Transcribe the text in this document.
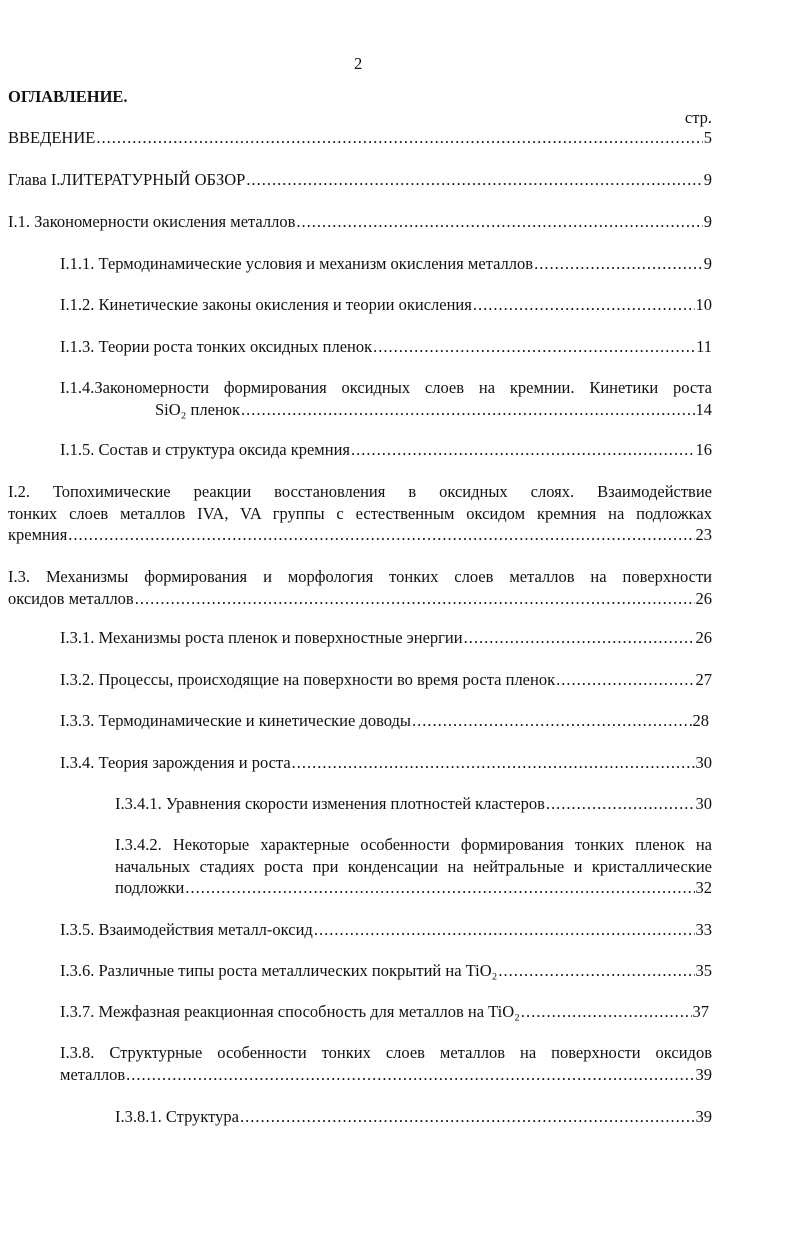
2
ОГЛАВЛЕНИЕ.
стр.
ВВЕДЕНИЕ .....	5
Глава I.ЛИТЕРАТУРНЫЙ ОБЗОР .....	9
I.1. Закономерности окисления металлов .....	9
I.1.1. Термодинамические условия и механизм окисления металлов .....	9
I.1.2. Кинетические законы окисления и теории окисления .....	10
I.1.3. Теории роста тонких оксидных пленок .....	11
I.1.4.Закономерности формирования оксидных слоев на кремнии. Кинетики роста
SiO₂ пленок .....	14
I.1.5. Состав и структура оксида кремния .....	16
I.2. Топохимические реакции восстановления в оксидных слоях. Взаимодействие
тонких слоев металлов IVA, VA группы с естественным оксидом кремния на подложках
кремния .....	23
I.3. Механизмы формирования и морфология тонких слоев металлов на поверхности
оксидов металлов .....	26
I.3.1. Механизмы роста пленок и поверхностные энергии .....	26
I.3.2. Процессы, происходящие на поверхности во время роста пленок .....	27
I.3.3. Термодинамические и кинетические доводы .....	28
I.3.4. Теория зарождения и роста .....	30
I.3.4.1. Уравнения скорости изменения плотностей кластеров .....	30
I.3.4.2. Некоторые характерные особенности формирования тонких пленок на
начальных стадиях роста при конденсации на нейтральные и кристаллические
подложки .....	32
I.3.5. Взаимодействия металл-оксид .....	33
I.3.6. Различные типы роста металлических покрытий на TiO₂ .....	35
I.3.7. Межфазная реакционная способность для металлов на TiO₂ .....	37
I.3.8. Структурные особенности тонких слоев металлов на поверхности оксидов
металлов .....	39
I.3.8.1. Структура .....	39
